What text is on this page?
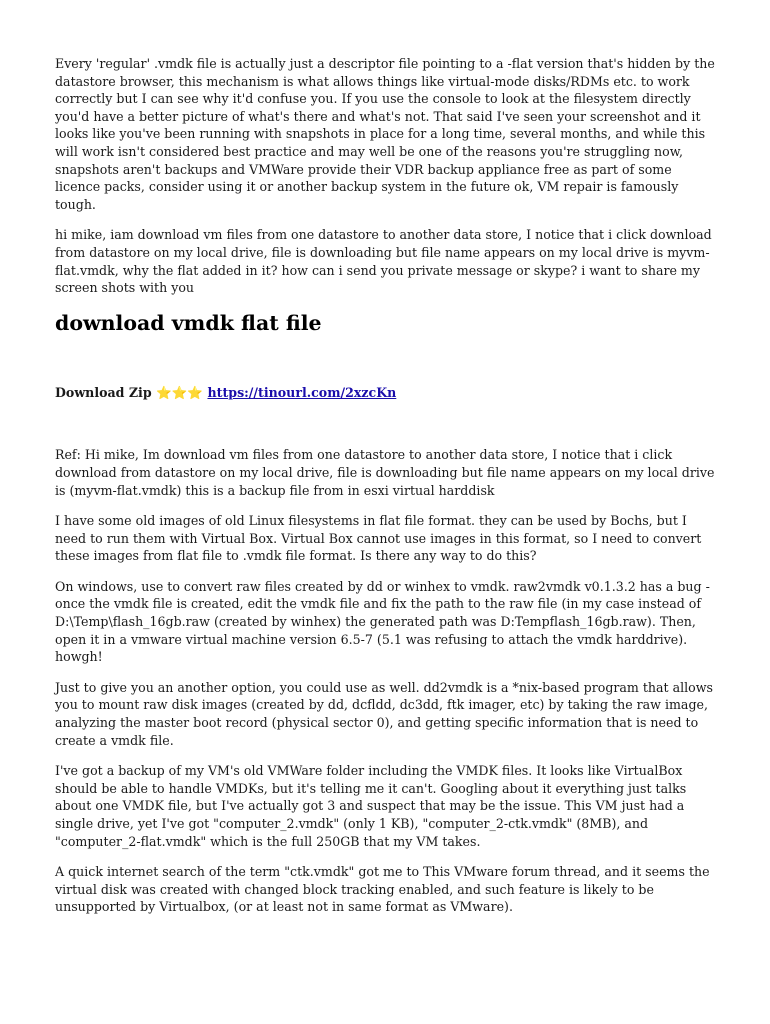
Every 'regular' .vmdk file is actually just a descriptor file pointing to a -flat version that's hidden by the datastore browser, this mechanism is what allows things like virtual-mode disks/RDMs etc. to work correctly but I can see why it'd confuse you. If you use the console to look at the filesystem directly you'd have a better picture of what's there and what's not. That said I've seen your screenshot and it looks like you've been running with snapshots in place for a long time, several months, and while this will work isn't considered best practice and may well be one of the reasons you're struggling now, snapshots aren't backups and VMWare provide their VDR backup appliance free as part of some licence packs, consider using it or another backup system in the future ok, VM repair is famously tough.

hi mike, iam download vm files from one datastore to another data store, I notice that i click download from datastore on my local drive, file is downloading but file name appears on my local drive is myvm-flat.vmdk, why the flat added in it? how can i send you private message or skype? i want to share my screen shots with you

download vmdk flat file
Download Zip ⭐⭐⭐ https://tinourl.com/2xzcKn

Ref: Hi mike, Im download vm files from one datastore to another data store, I notice that i click download from datastore on my local drive, file is downloading but file name appears on my local drive is (myvm-flat.vmdk) this is a backup file from in esxi virtual harddisk

I have some old images of old Linux filesystems in flat file format. they can be used by Bochs, but I need to run them with Virtual Box. Virtual Box cannot use images in this format, so I need to convert these images from flat file to .vmdk file format. Is there any way to do this?

On windows, use to convert raw files created by dd or winhex to vmdk. raw2vmdk v0.1.3.2 has a bug - once the vmdk file is created, edit the vmdk file and fix the path to the raw file (in my case instead of D:\Temp\flash_16gb.raw (created by winhex) the generated path was D:Tempflash_16gb.raw). Then, open it in a vmware virtual machine version 6.5-7 (5.1 was refusing to attach the vmdk harddrive). howgh!

Just to give you an another option, you could use as well. dd2vmdk is a *nix-based program that allows you to mount raw disk images (created by dd, dcfldd, dc3dd, ftk imager, etc) by taking the raw image, analyzing the master boot record (physical sector 0), and getting specific information that is need to create a vmdk file.

I've got a backup of my VM's old VMWare folder including the VMDK files. It looks like VirtualBox should be able to handle VMDKs, but it's telling me it can't. Googling about it everything just talks about one VMDK file, but I've actually got 3 and suspect that may be the issue. This VM just had a single drive, yet I've got "computer_2.vmdk" (only 1 KB), "computer_2-ctk.vmdk" (8MB), and "computer_2-flat.vmdk" which is the full 250GB that my VM takes.

A quick internet search of the term "ctk.vmdk" got me to This VMware forum thread, and it seems the virtual disk was created with changed block tracking enabled, and such feature is likely to be unsupported by Virtualbox, (or at least not in same format as VMware).
